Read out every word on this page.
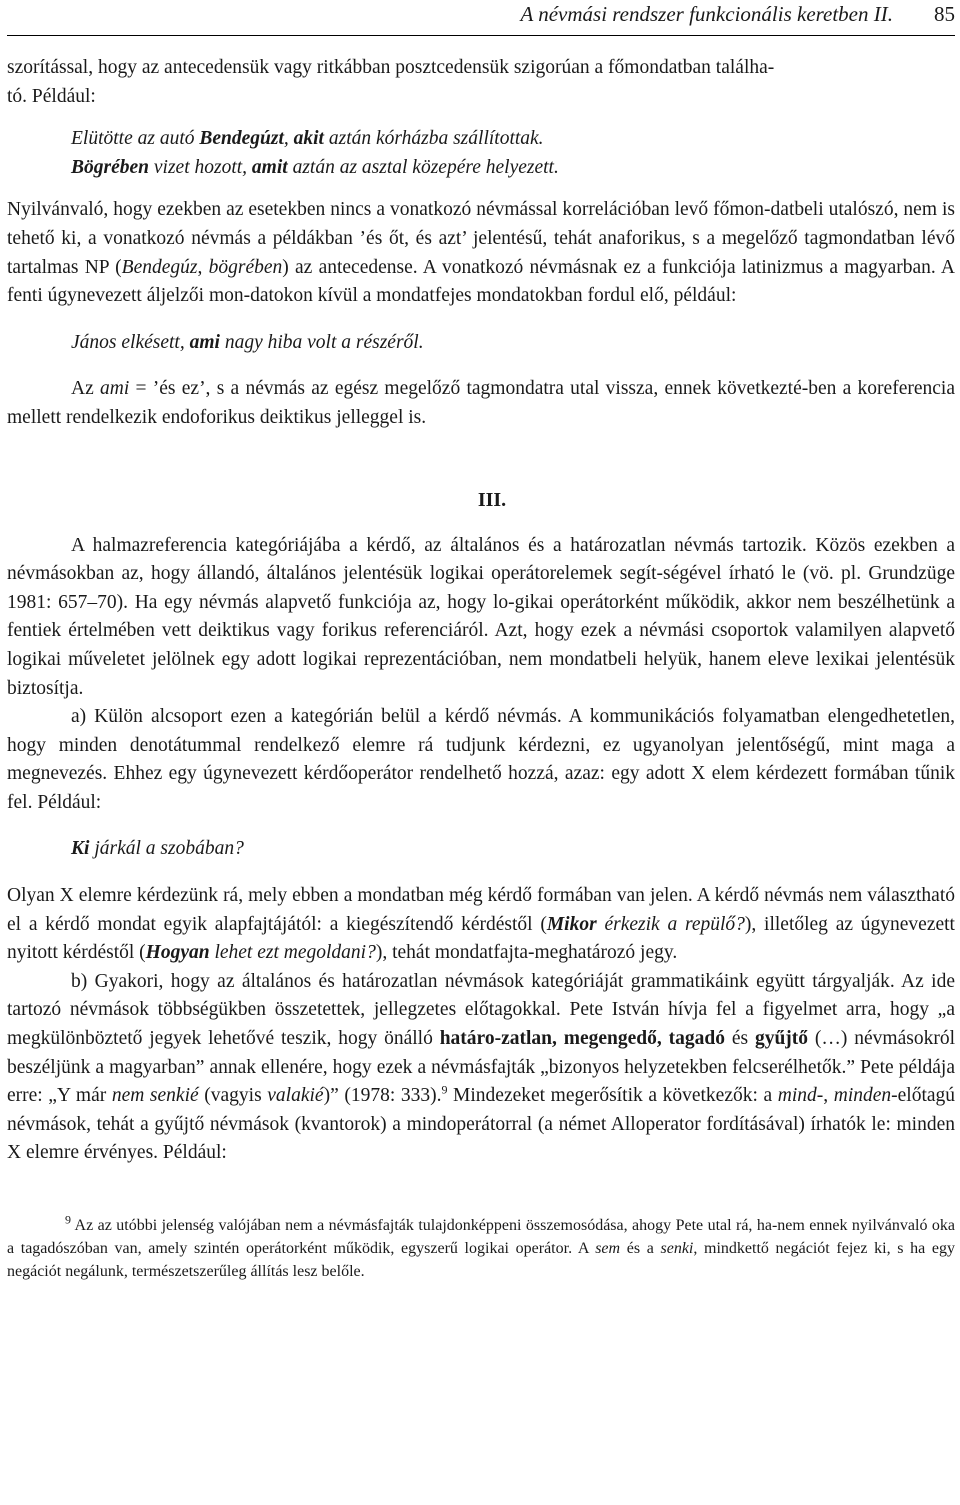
A névmási rendszer funkcionális keretben II. 85

szorítással, hogy az antecedensük vagy ritkábban posztcedensük szigorúan a főmondatban találha-
tó. Például:

Elütötte az autó Bendegúzt, akit aztán kórházba szállítottak.

Bögrében vizet hozott, amit aztán az asztal közepére helyezett.

Nyilvánvaló, hogy ezekben az esetekben nincs a vonatkozó névmással korrelációban levő főmon-datbeli utalószó, nem is tehető ki, a vonatkozó névmás a példákban ’és őt, és azt’ jelentésű, tehát anaforikus, s a megelőző tagmondatban lévő tartalmas NP (Bendegúz, bögrében) az antecedense. A vonatkozó névmásnak ez a funkciója latinizmus a magyarban. A fenti úgynevezett áljelzői mon-datokon kívül a mondatfejes mondatokban fordul elő, például:

János elkésett, ami nagy hiba volt a részéről.

Az ami = ’és ez’, s a névmás az egész megelőző tagmondatra utal vissza, ennek következté-ben a koreferencia mellett rendelkezik endoforikus deiktikus jelleggel is.

III.

A halmazreferencia kategóriájába a kérdő, az általános és a határozatlan névmás tartozik. Közös ezekben a névmásokban az, hogy állandó, általános jelentésük logikai operátorelemek segít-ségével írható le (vö. pl. Grundzüge 1981: 657–70). Ha egy névmás alapvető funkciója az, hogy lo-gikai operátorként működik, akkor nem beszélhetünk a fentiek értelmében vett deiktikus vagy forikus referenciáról. Azt, hogy ezek a névmási csoportok valamilyen alapvető logikai műveletet jelölnek egy adott logikai reprezentációban, nem mondatbeli helyük, hanem eleve lexikai jelentésük biztosítja.

a) Külön alcsoport ezen a kategórián belül a kérdő névmás. A kommunikációs folyamatban elengedhetetlen, hogy minden denotátummal rendelkező elemre rá tudjunk kérdezni, ez ugyanolyan jelentőségű, mint maga a megnevezés. Ehhez egy úgynevezett kérdőoperátor rendelhető hozzá, azaz: egy adott X elem kérdezett formában tűnik fel. Például:

Ki járkál a szobában?

Olyan X elemre kérdezünk rá, mely ebben a mondatban még kérdő formában van jelen. A kérdő névmás nem választható el a kérdő mondat egyik alapfajtájától: a kiegészítendő kérdéstől (Mikor érkezik a repülő?), illetőleg az úgynevezett nyitott kérdéstől (Hogyan lehet ezt megoldani?), tehát mondatfajta-meghatározó jegy.

b) Gyakori, hogy az általános és határozatlan névmások kategóriáját grammatikáink együtt tárgyalják. Az ide tartozó névmások többségükben összetettek, jellegzetes előtagokkal. Pete István hívja fel a figyelmet arra, hogy „a megkülönböztető jegyek lehetővé teszik, hogy önálló határo-zatlan, megengedő, tagadó és gyűjtő (…) névmásokról beszéljünk a magyarban” annak ellenére, hogy ezek a névmásfajták „bizonyos helyzetekben felcserélhetők.” Pete példája erre: „Y már nem senkié (vagyis valakié)” (1978: 333).$^9$ Mindezeket megerősítik a következők: a mind-, minden-előtagú névmások, tehát a gyűjtő névmások (kvantorok) a mindoperátorral (a német Alloperator fordításával) írhatók le: minden X elemre érvényes. Például:

$^9$ Az az utóbbi jelenség valójában nem a névmásfajták tulajdonképpeni összemosódása, ahogy Pete utal rá, ha-nem ennek nyilvánvaló oka a tagadószóban van, amely szintén operátorként működik, egyszerű logikai operátor. A sem és a senki, mindkettő negációt fejez ki, s ha egy negációt negálunk, természetszerűleg állítás lesz belőle.
